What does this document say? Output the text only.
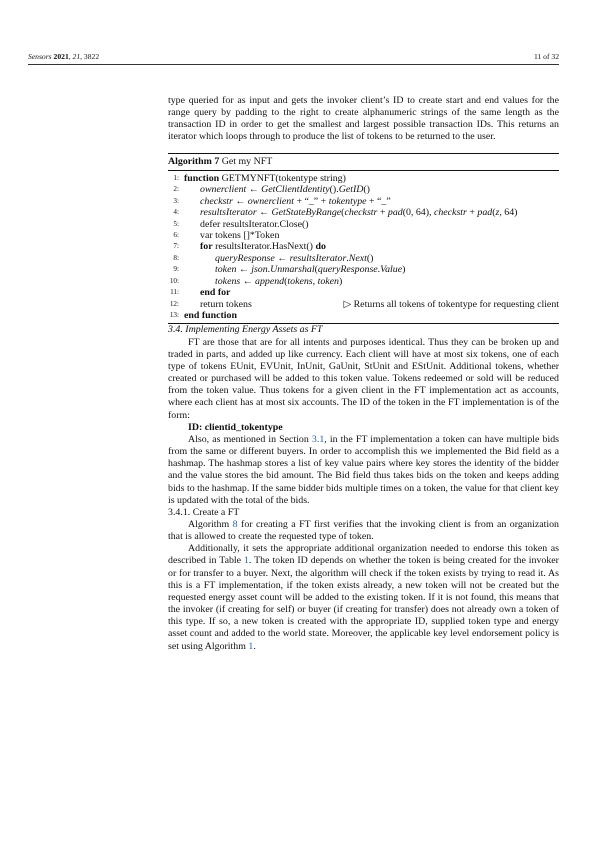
Sensors 2021, 21, 3822	11 of 32

type queried for as input and gets the invoker client’s ID to create start and end values for the range query by padding to the right to create alphanumeric strings of the same length as the transaction ID in order to get the smallest and largest possible transaction IDs. This returns an iterator which loops through to produce the list of tokens to be returned to the user.

Algorithm 7 Get my NFT
1: function GETMYNFT(tokentype string)
2: ownerclient ← GetClientIdentity().GetID()
3: checkstr ← ownerclient + “_” + tokentype + “_”
4: resultsIterator ← GetStateByRange(checkstr + pad(0, 64), checkstr + pad(z, 64)
5: defer resultsIterator.Close()
6: var tokens []*Token
7: for resultsIterator.HasNext() do
8:	queryResponse ← resultsIterator.Next()
9:	token ← json.Unmarshal(queryResponse.Value)
10:	tokens ← append(tokens, token)
11: end for
12: return tokens	▷ Returns all tokens of tokentype for requesting client
13: end function

3.4. Implementing Energy Assets as FT

FT are those that are for all intents and purposes identical. Thus they can be broken up and traded in parts, and added up like currency. Each client will have at most six tokens, one of each type of tokens EUnit, EVUnit, InUnit, GaUnit, StUnit and EStUnit. Additional tokens, whether created or purchased will be added to this token value. Tokens redeemed or sold will be reduced from the token value. Thus tokens for a given client in the FT implementation act as accounts, where each client has at most six accounts. The ID of the token in the FT implementation is of the form:

ID: clientid_tokentype

Also, as mentioned in Section 3.1, in the FT implementation a token can have multiple bids from the same or different buyers. In order to accomplish this we implemented the Bid field as a hashmap. The hashmap stores a list of key value pairs where key stores the identity of the bidder and the value stores the bid amount. The Bid field thus takes bids on the token and keeps adding bids to the hashmap. If the same bidder bids multiple times on a token, the value for that client key is updated with the total of the bids.

3.4.1. Create a FT

Algorithm 8 for creating a FT first verifies that the invoking client is from an organization that is allowed to create the requested type of token.

Additionally, it sets the appropriate additional organization needed to endorse this token as described in Table 1. The token ID depends on whether the token is being created for the invoker or for transfer to a buyer. Next, the algorithm will check if the token exists by trying to read it. As this is a FT implementation, if the token exists already, a new token will not be created but the requested energy asset count will be added to the existing token. If it is not found, this means that the invoker (if creating for self) or buyer (if creating for transfer) does not already own a token of this type. If so, a new token is created with the appropriate ID, supplied token type and energy asset count and added to the world state. Moreover, the applicable key level endorsement policy is set using Algorithm 1.
